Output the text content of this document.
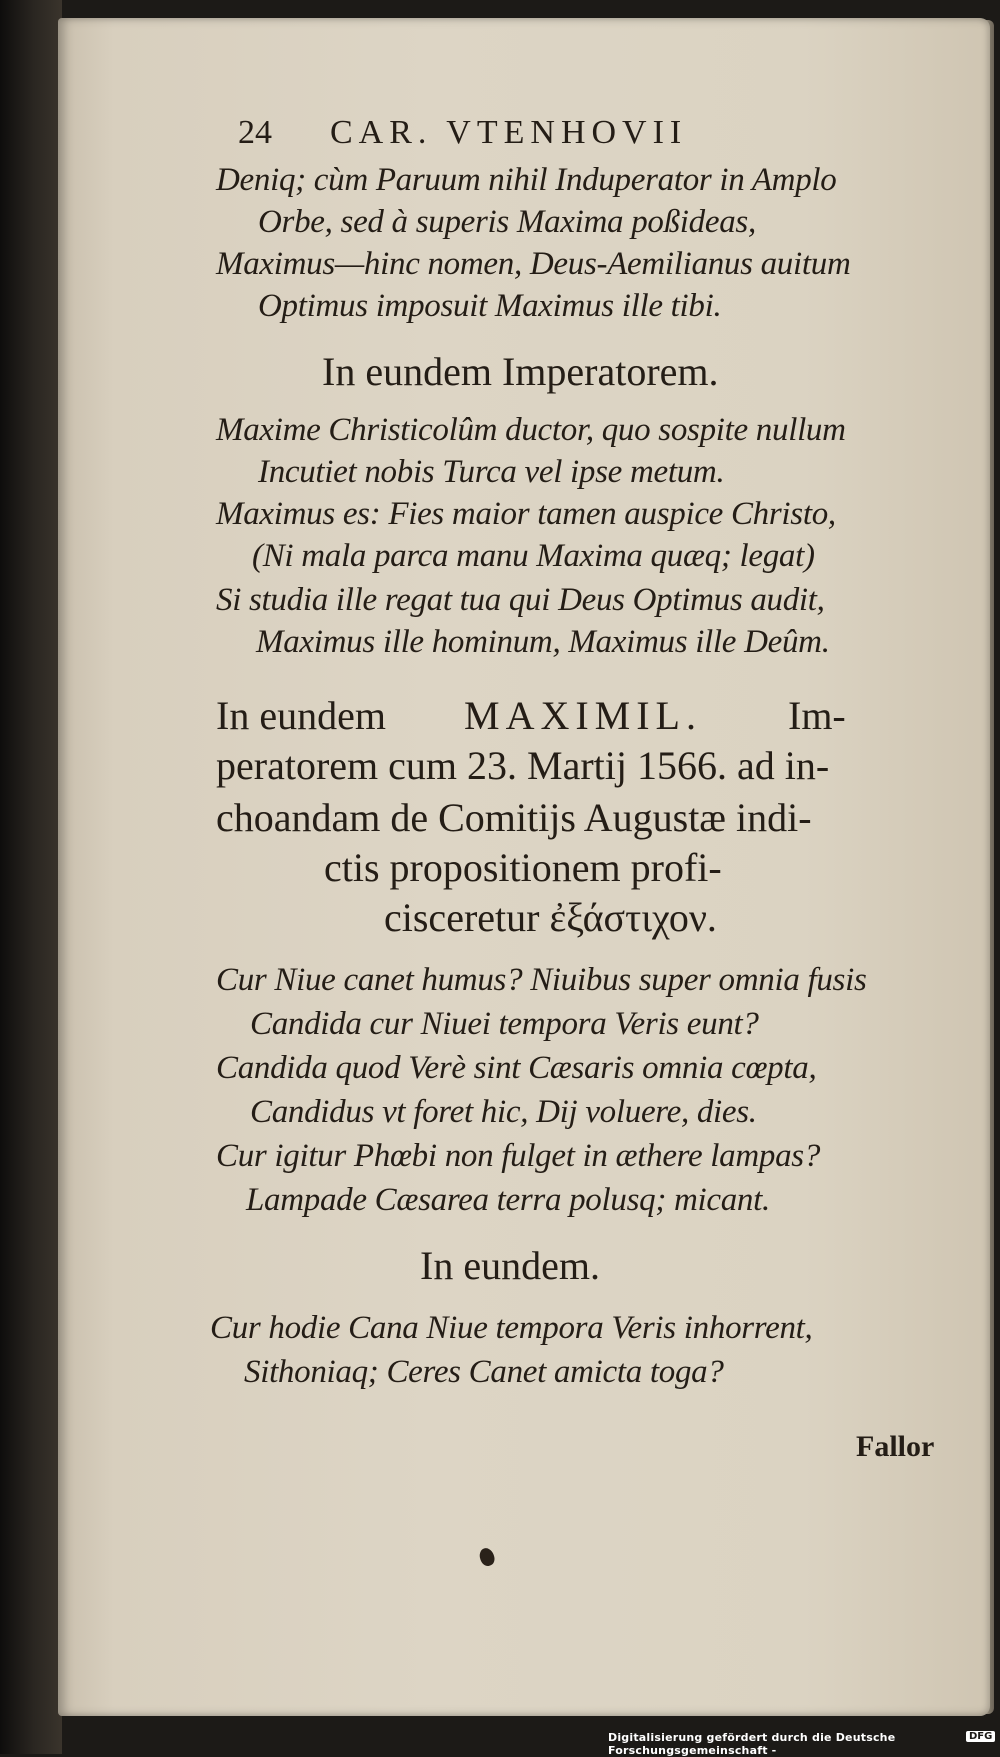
24 CAR. VTENHOVII
Deniq; cùm Paruum nihil Induperator in Amplo
Orbe, sed à superis Maxima poßideas,
Maximus—hinc nomen, Deus-Aemilianus auitum
Optimus imposuit Maximus ille tibi.
In eundem Imperatorem.
Maxime Christicolûm ductor, quo sospite nullum
Incutiet nobis Turca vel ipse metum.
Maximus es: Fies maior tamen auspice Christo,
(Ni mala parca manu Maxima quæq; legat)
Si studia ille regat tua qui Deus Optimus audit,
Maximus ille hominum, Maximus ille Deûm.
In eundem MAXIMIL. Im-
peratorem cum 23. Martij 1566. ad in-
choandam de Comitijs Augustæ indi-
ctis propositionem profi-
cisceretur ἐξάστιχον.
Cur Niue canet humus? Niuibus super omnia fusis
Candida cur Niuei tempora Veris eunt?
Candida quod Verè sint Cæsaris omnia cœpta,
Candidus vt foret hic, Dij voluere, dies.
Cur igitur Phœbi non fulget in æthere lampas?
Lampade Cæsarea terra polusq; micant.
In eundem.
Cur hodie Cana Niue tempora Veris inhorrent,
Sithoniaq; Ceres Canet amicta toga?
Fallor
Digitalisierung gefördert durch die Deutsche Forschungsgemeinschaft -
DFG
